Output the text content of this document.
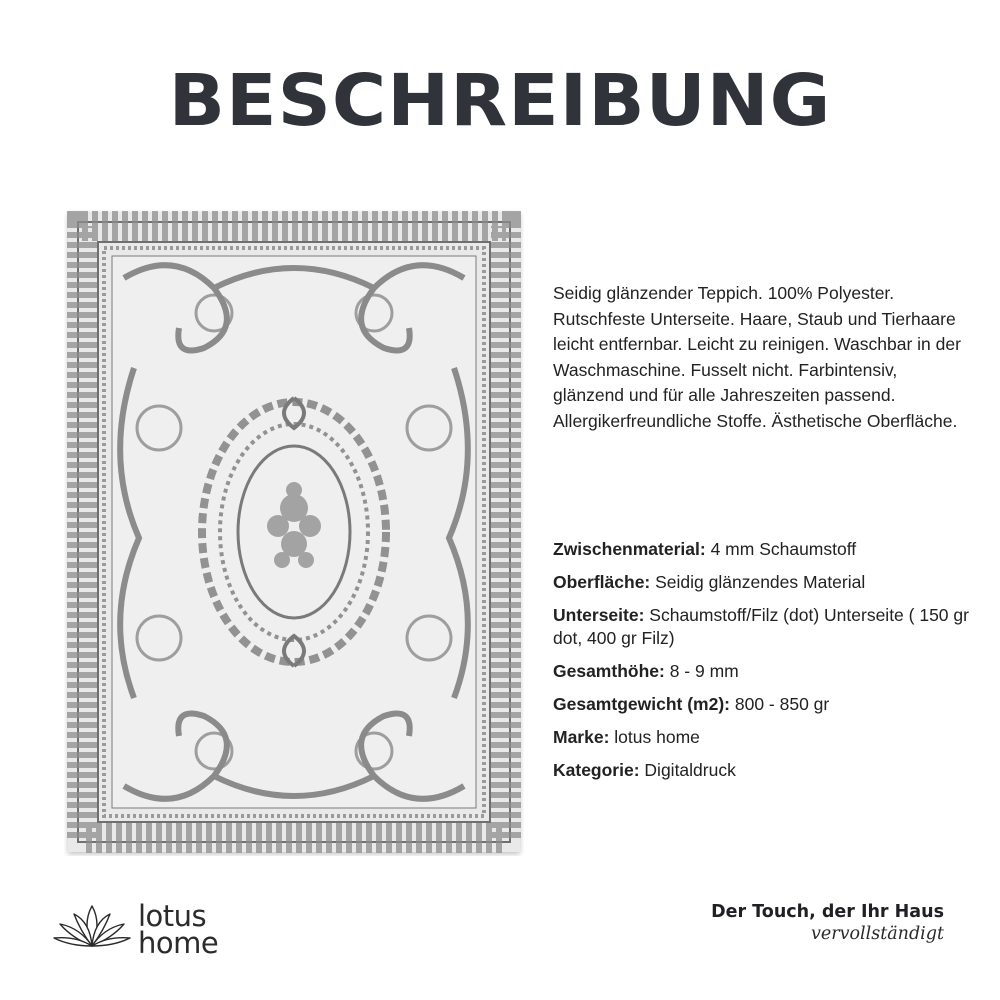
BESCHREIBUNG
Seidig glänzender Teppich. 100% Polyester. Rutschfeste Unterseite. Haare, Staub und Tierhaare leicht entfernbar. Leicht zu reinigen. Waschbar in der Waschmaschine. Fusselt nicht. Farbintensiv, glänzend und für alle Jahreszeiten passend. Allergikerfreundliche Stoffe. Ästhetische Oberfläche.
Zwischenmaterial: 4 mm Schaumstoff
Oberfläche: Seidig glänzendes Material
Unterseite: Schaumstoff/Filz (dot) Unterseite ( 150 gr dot, 400 gr Filz)
Gesamthöhe: 8 - 9 mm
Gesamtgewicht (m2): 800 - 850 gr
Marke: lotus home
Kategorie: Digitaldruck
lotus
home
Der Touch, der Ihr Haus
vervollständigt
